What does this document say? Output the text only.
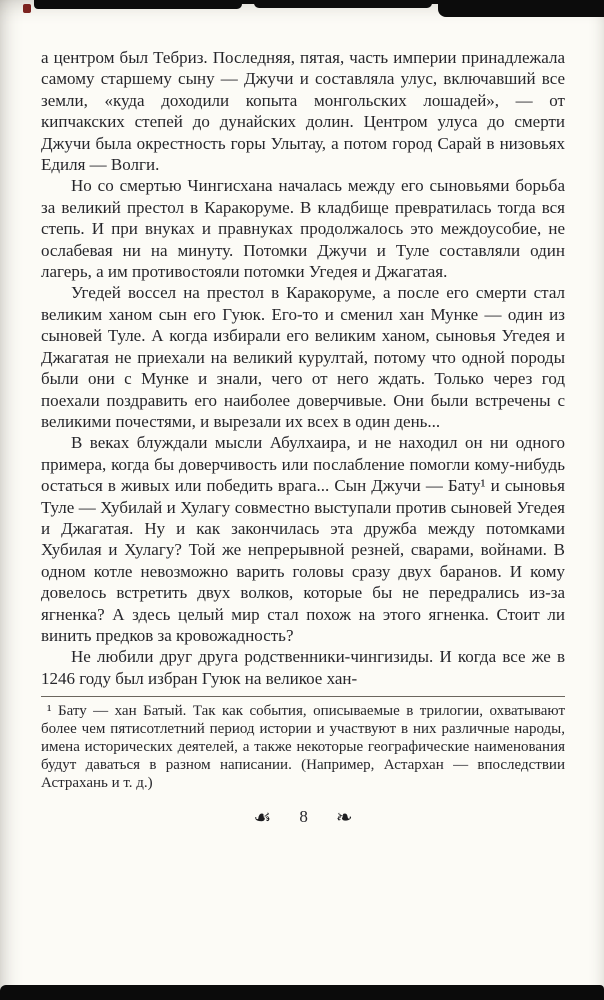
а центром был Тебриз. Последняя, пятая, часть империи принадлежала самому старшему сыну — Джучи и составляла улус, включавший все земли, «куда доходили копыта монгольских лошадей», — от кипчакских степей до дунайских долин. Центром улуса до смерти Джучи была окрестность горы Улытау, а потом город Сарай в низовьях Едиля — Волги.

Но со смертью Чингисхана началась между его сыновьями борьба за великий престол в Каракоруме. В кладбище превратилась тогда вся степь. И при внуках и правнуках продолжалось это междоусобие, не ослабевая ни на минуту. Потомки Джучи и Туле составляли один лагерь, а им противостояли потомки Угедея и Джагатая.

Угедей воссел на престол в Каракоруме, а после его смерти стал великим ханом сын его Гуюк. Его-то и сменил хан Мунке — один из сыновей Туле. А когда избирали его великим ханом, сыновья Угедея и Джагатая не приехали на великий курултай, потому что одной породы были они с Мунке и знали, чего от него ждать. Только через год поехали поздравить его наиболее доверчивые. Они были встречены с великими почестями, и вырезали их всех в один день...

В веках блуждали мысли Абулхаира, и не находил он ни одного примера, когда бы доверчивость или послабление помогли кому-нибудь остаться в живых или победить врага... Сын Джучи — Бату¹ и сыновья Туле — Хубилай и Хулагу совместно выступали против сыновей Угедея и Джагатая. Ну и как закончилась эта дружба между потомками Хубилая и Хулагу? Той же непрерывной резней, сварами, войнами. В одном котле невозможно варить головы сразу двух баранов. И кому довелось встретить двух волков, которые бы не передрались из-за ягненка? А здесь целый мир стал похож на этого ягненка. Стоит ли винить предков за кровожадность?

Не любили друг друга родственники-чингизиды. И когда все же в 1246 году был избран Гуюк на великое хан-

¹ Бату — хан Батый. Так как события, описываемые в трилогии, охватывают более чем пятисотлетний период истории и участвуют в них различные народы, имена исторических деятелей, а также некоторые географические наименования будут даваться в разном написании. (Например, Астархан — впоследствии Астрахань и т. д.)
☙ 8 ❧
